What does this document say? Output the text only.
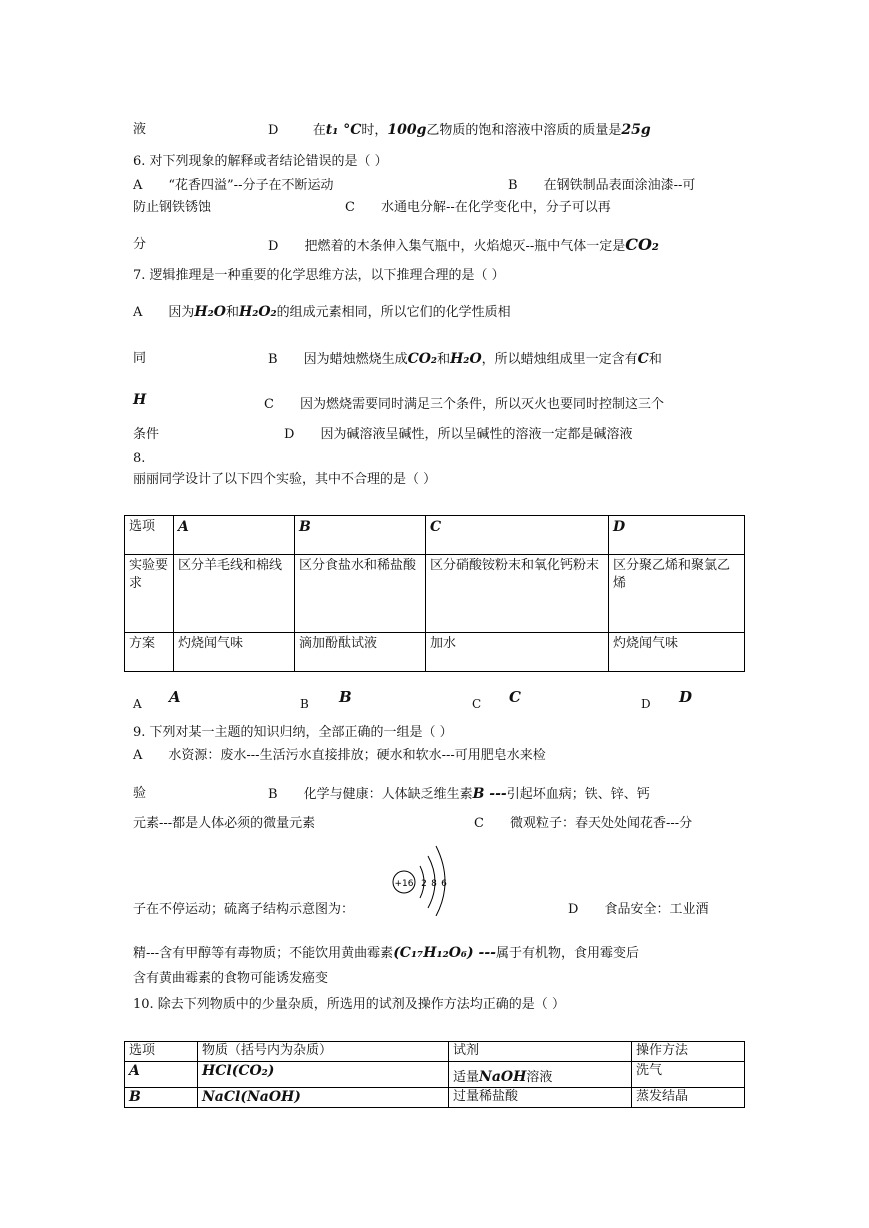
液	D	在t₁ °C时，100g乙物质的饱和溶液中溶质的质量是25g
6. 对下列现象的解释或者结论错误的是（ ）
A “花香四溢”--分子在不断运动	B 在钢铁制品表面涂油漆--可
防止钢铁锈蚀	C 水通电分解--在化学变化中，分子可以再
分	D 把燃着的木条伸入集气瓶中，火焰熄灭--瓶中气体一定是CO₂
7. 逻辑推理是一种重要的化学思维方法，以下推理合理的是（ ）
A 因为H₂O和H₂O₂的组成元素相同，所以它们的化学性质相
同	B 因为蜡烛燃烧生成CO₂和H₂O，所以蜡烛组成里一定含有C和
H	C 因为燃烧需要同时满足三个条件，所以灭火也要同时控制这三个
条件	D 因为碱溶液呈碱性，所以呈碱性的溶液一定都是碱溶液
8.
丽丽同学设计了以下四个实验，其中不合理的是（ ）
选项	A	B	C	D
实验要求	区分羊毛线和棉线	区分食盐水和稀盐酸	区分硝酸铵粉末和氧化钙粉末	区分聚乙烯和聚氯乙烯
方案	灼烧闻气味	滴加酚酞试液	加水	灼烧闻气味
A A	B B	C C	D D
9. 下列对某一主题的知识归纳，全部正确的一组是（ ）
A 水资源：废水---生活污水直接排放；硬水和软水---可用肥皂水来检
验	B 化学与健康：人体缺乏维生素B ---引起坏血病；铁、锌、钙
元素---都是人体必须的微量元素	C 微观粒子：春天处处闻花香---分
+16 2 8 6
子在不停运动；硫离子结构示意图为：	D 食品安全：工业酒
精---含有甲醇等有毒物质；不能饮用黄曲霉素(C₁₇H₁₂O₆) ---属于有机物，食用霉变后
含有黄曲霉素的食物可能诱发癌变
10. 除去下列物质中的少量杂质，所选用的试剂及操作方法均正确的是（ ）
选项	物质（括号内为杂质）	试剂	操作方法
A	HCl(CO₂)	适量NaOH溶液	洗气
B	NaCl(NaOH)	过量稀盐酸	蒸发结晶
